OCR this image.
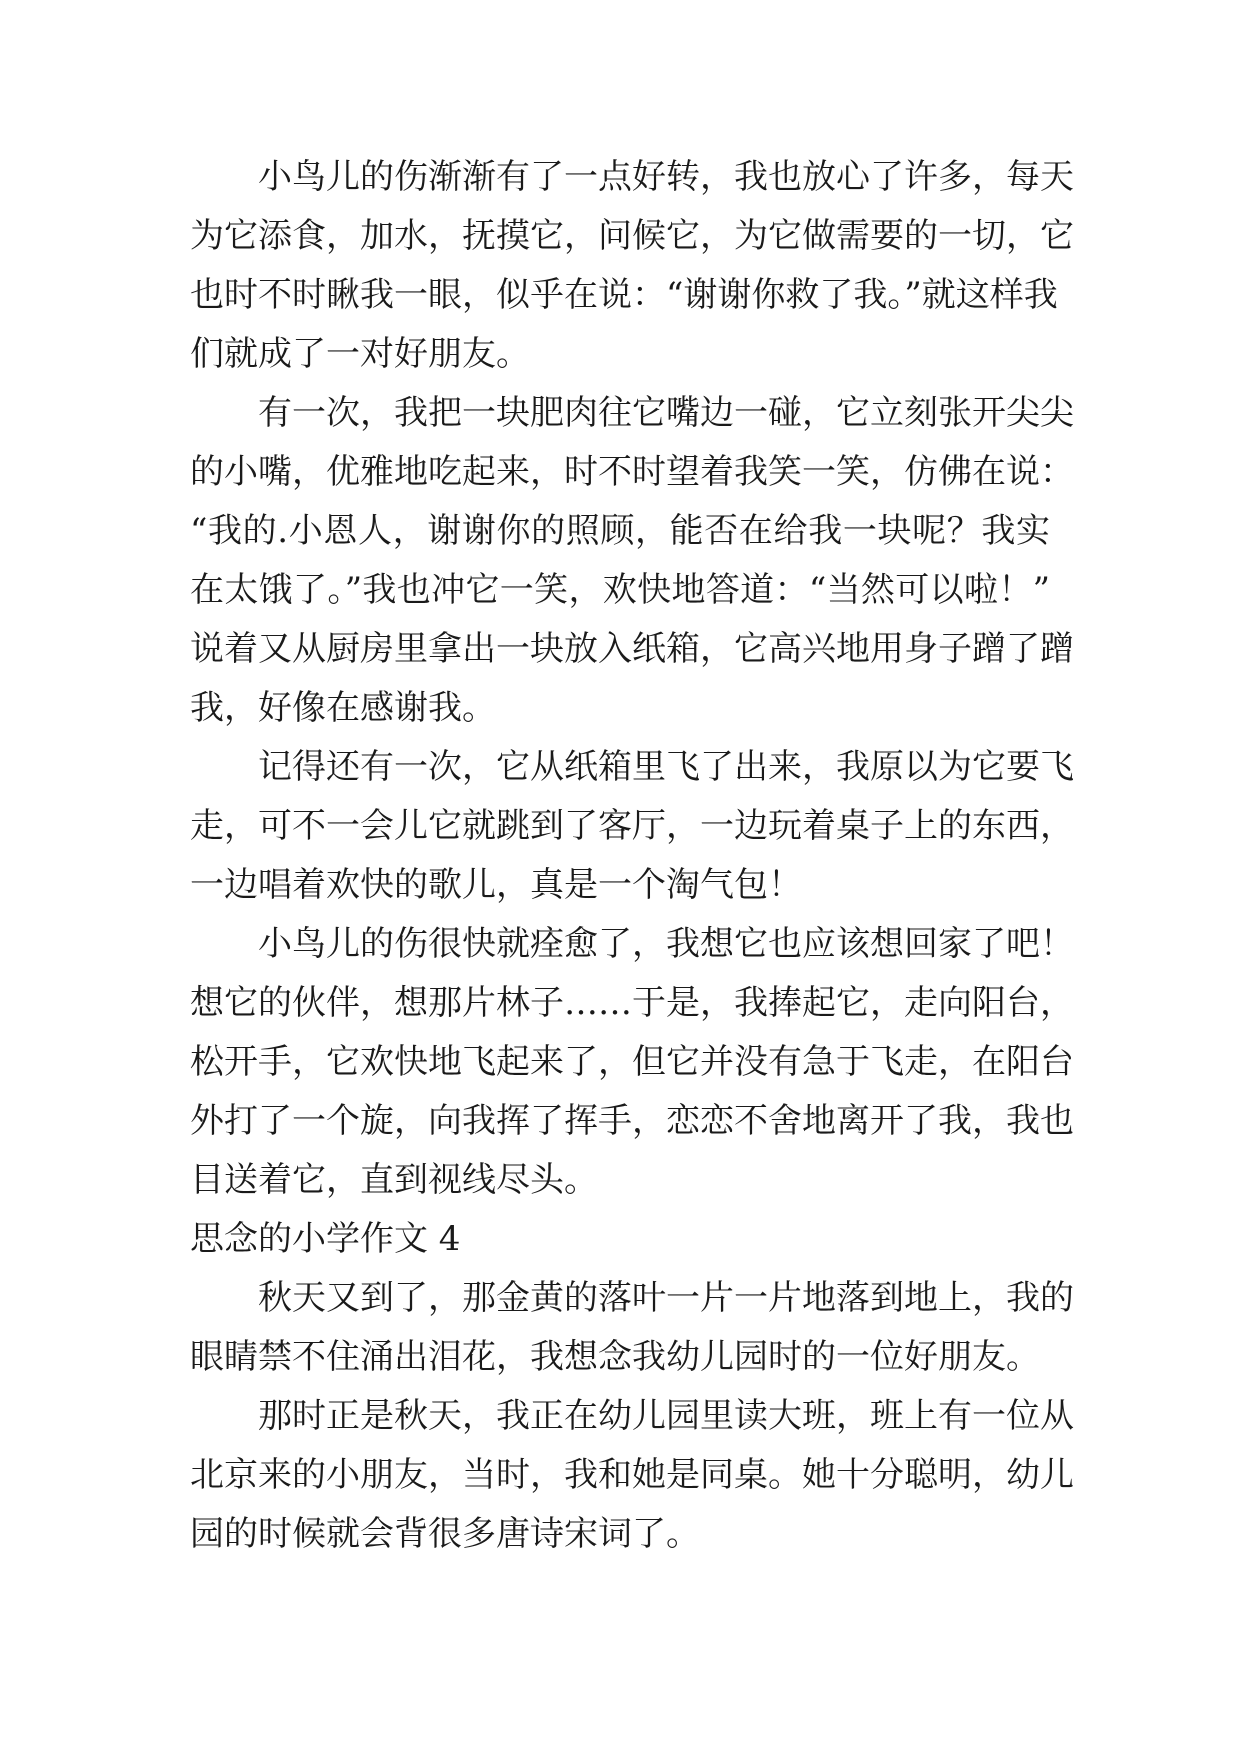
小鸟儿的伤渐渐有了一点好转，我也放心了许多，每天
为它添食，加水，抚摸它，问候它，为它做需要的一切，它
也时不时瞅我一眼，似乎在说：“谢谢你救了我。”就这样我
们就成了一对好朋友。
有一次，我把一块肥肉往它嘴边一碰，它立刻张开尖尖
的小嘴，优雅地吃起来，时不时望着我笑一笑，仿佛在说：
“我的.小恩人，谢谢你的照顾，能否在给我一块呢？我实
在太饿了。”我也冲它一笑，欢快地答道：“当然可以啦！”
说着又从厨房里拿出一块放入纸箱，它高兴地用身子蹭了蹭
我，好像在感谢我。
记得还有一次，它从纸箱里飞了出来，我原以为它要飞
走，可不一会儿它就跳到了客厅，一边玩着桌子上的东西，
一边唱着欢快的歌儿，真是一个淘气包！
小鸟儿的伤很快就痊愈了，我想它也应该想回家了吧！
想它的伙伴，想那片林子……于是，我捧起它，走向阳台，
松开手，它欢快地飞起来了，但它并没有急于飞走，在阳台
外打了一个旋，向我挥了挥手，恋恋不舍地离开了我，我也
目送着它，直到视线尽头。
思念的小学作文 4
秋天又到了，那金黄的落叶一片一片地落到地上，我的
眼睛禁不住涌出泪花，我想念我幼儿园时的一位好朋友。
那时正是秋天，我正在幼儿园里读大班，班上有一位从
北京来的小朋友，当时，我和她是同桌。她十分聪明，幼儿
园的时候就会背很多唐诗宋词了。
